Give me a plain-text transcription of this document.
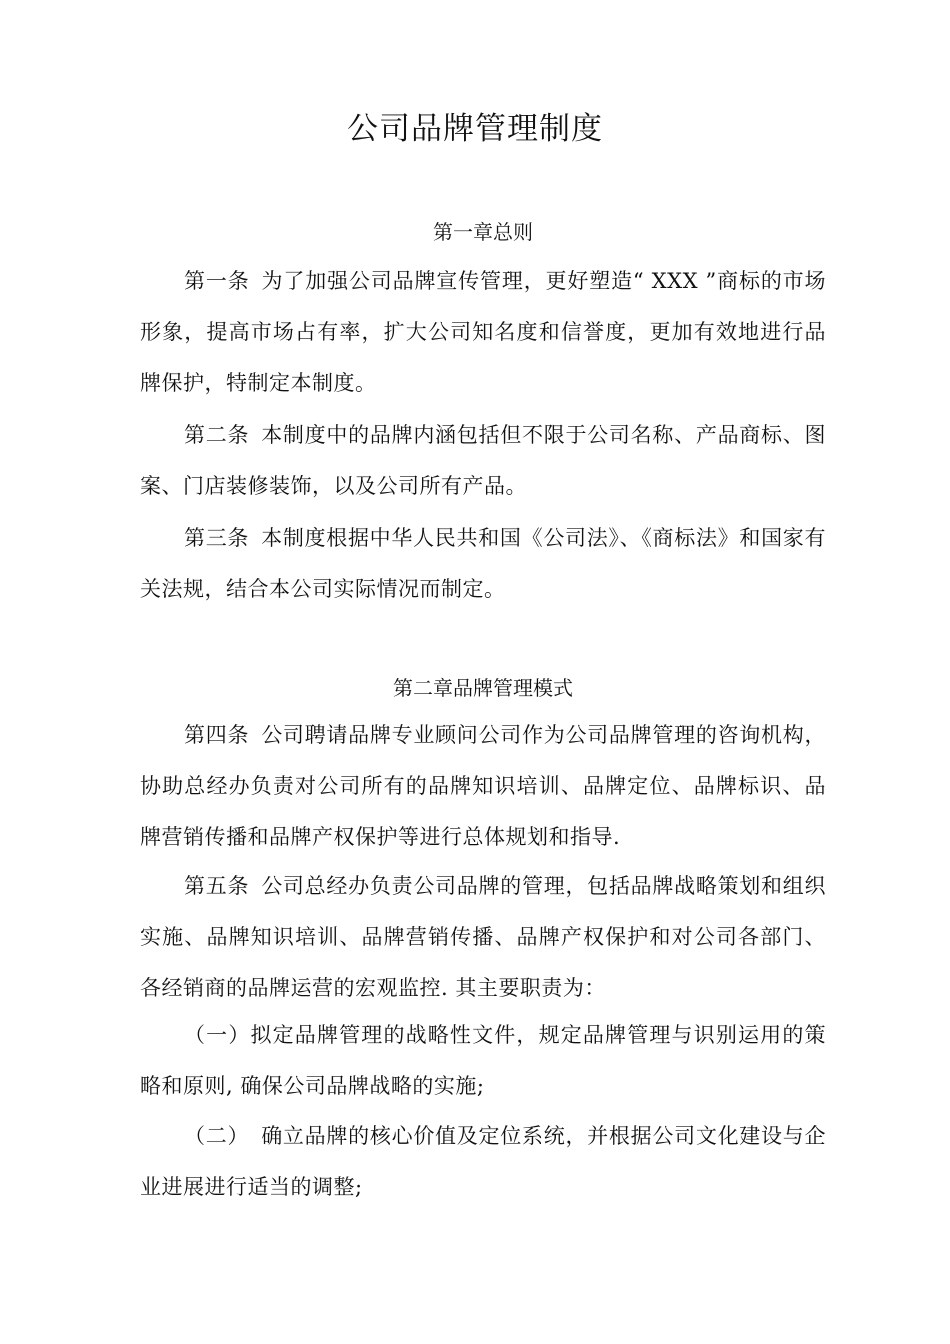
公司品牌管理制度
第一章总则

第一条 为了加强公司品牌宣传管理，更好塑造“ XXX ”商标的市场形象，提高市场占有率，扩大公司知名度和信誉度，更加有效地进行品牌保护，特制定本制度。

第二条 本制度中的品牌内涵包括但不限于公司名称、产品商标、图案、门店装修装饰，以及公司所有产品。

第三条 本制度根据中华人民共和国《公司法》、《商标法》和国家有关法规，结合本公司实际情况而制定。

第二章品牌管理模式

第四条 公司聘请品牌专业顾问公司作为公司品牌管理的咨询机构，协助总经办负责对公司所有的品牌知识培训、品牌定位、品牌标识、品牌营销传播和品牌产权保护等进行总体规划和指导.

第五条 公司总经办负责公司品牌的管理，包括品牌战略策划和组织实施、品牌知识培训、品牌营销传播、品牌产权保护和对公司各部门、各经销商的品牌运营的宏观监控. 其主要职责为：

（一）拟定品牌管理的战略性文件，规定品牌管理与识别运用的策略和原则, 确保公司品牌战略的实施;

（二） 确立品牌的核心价值及定位系统，并根据公司文化建设与企业进展进行适当的调整;
